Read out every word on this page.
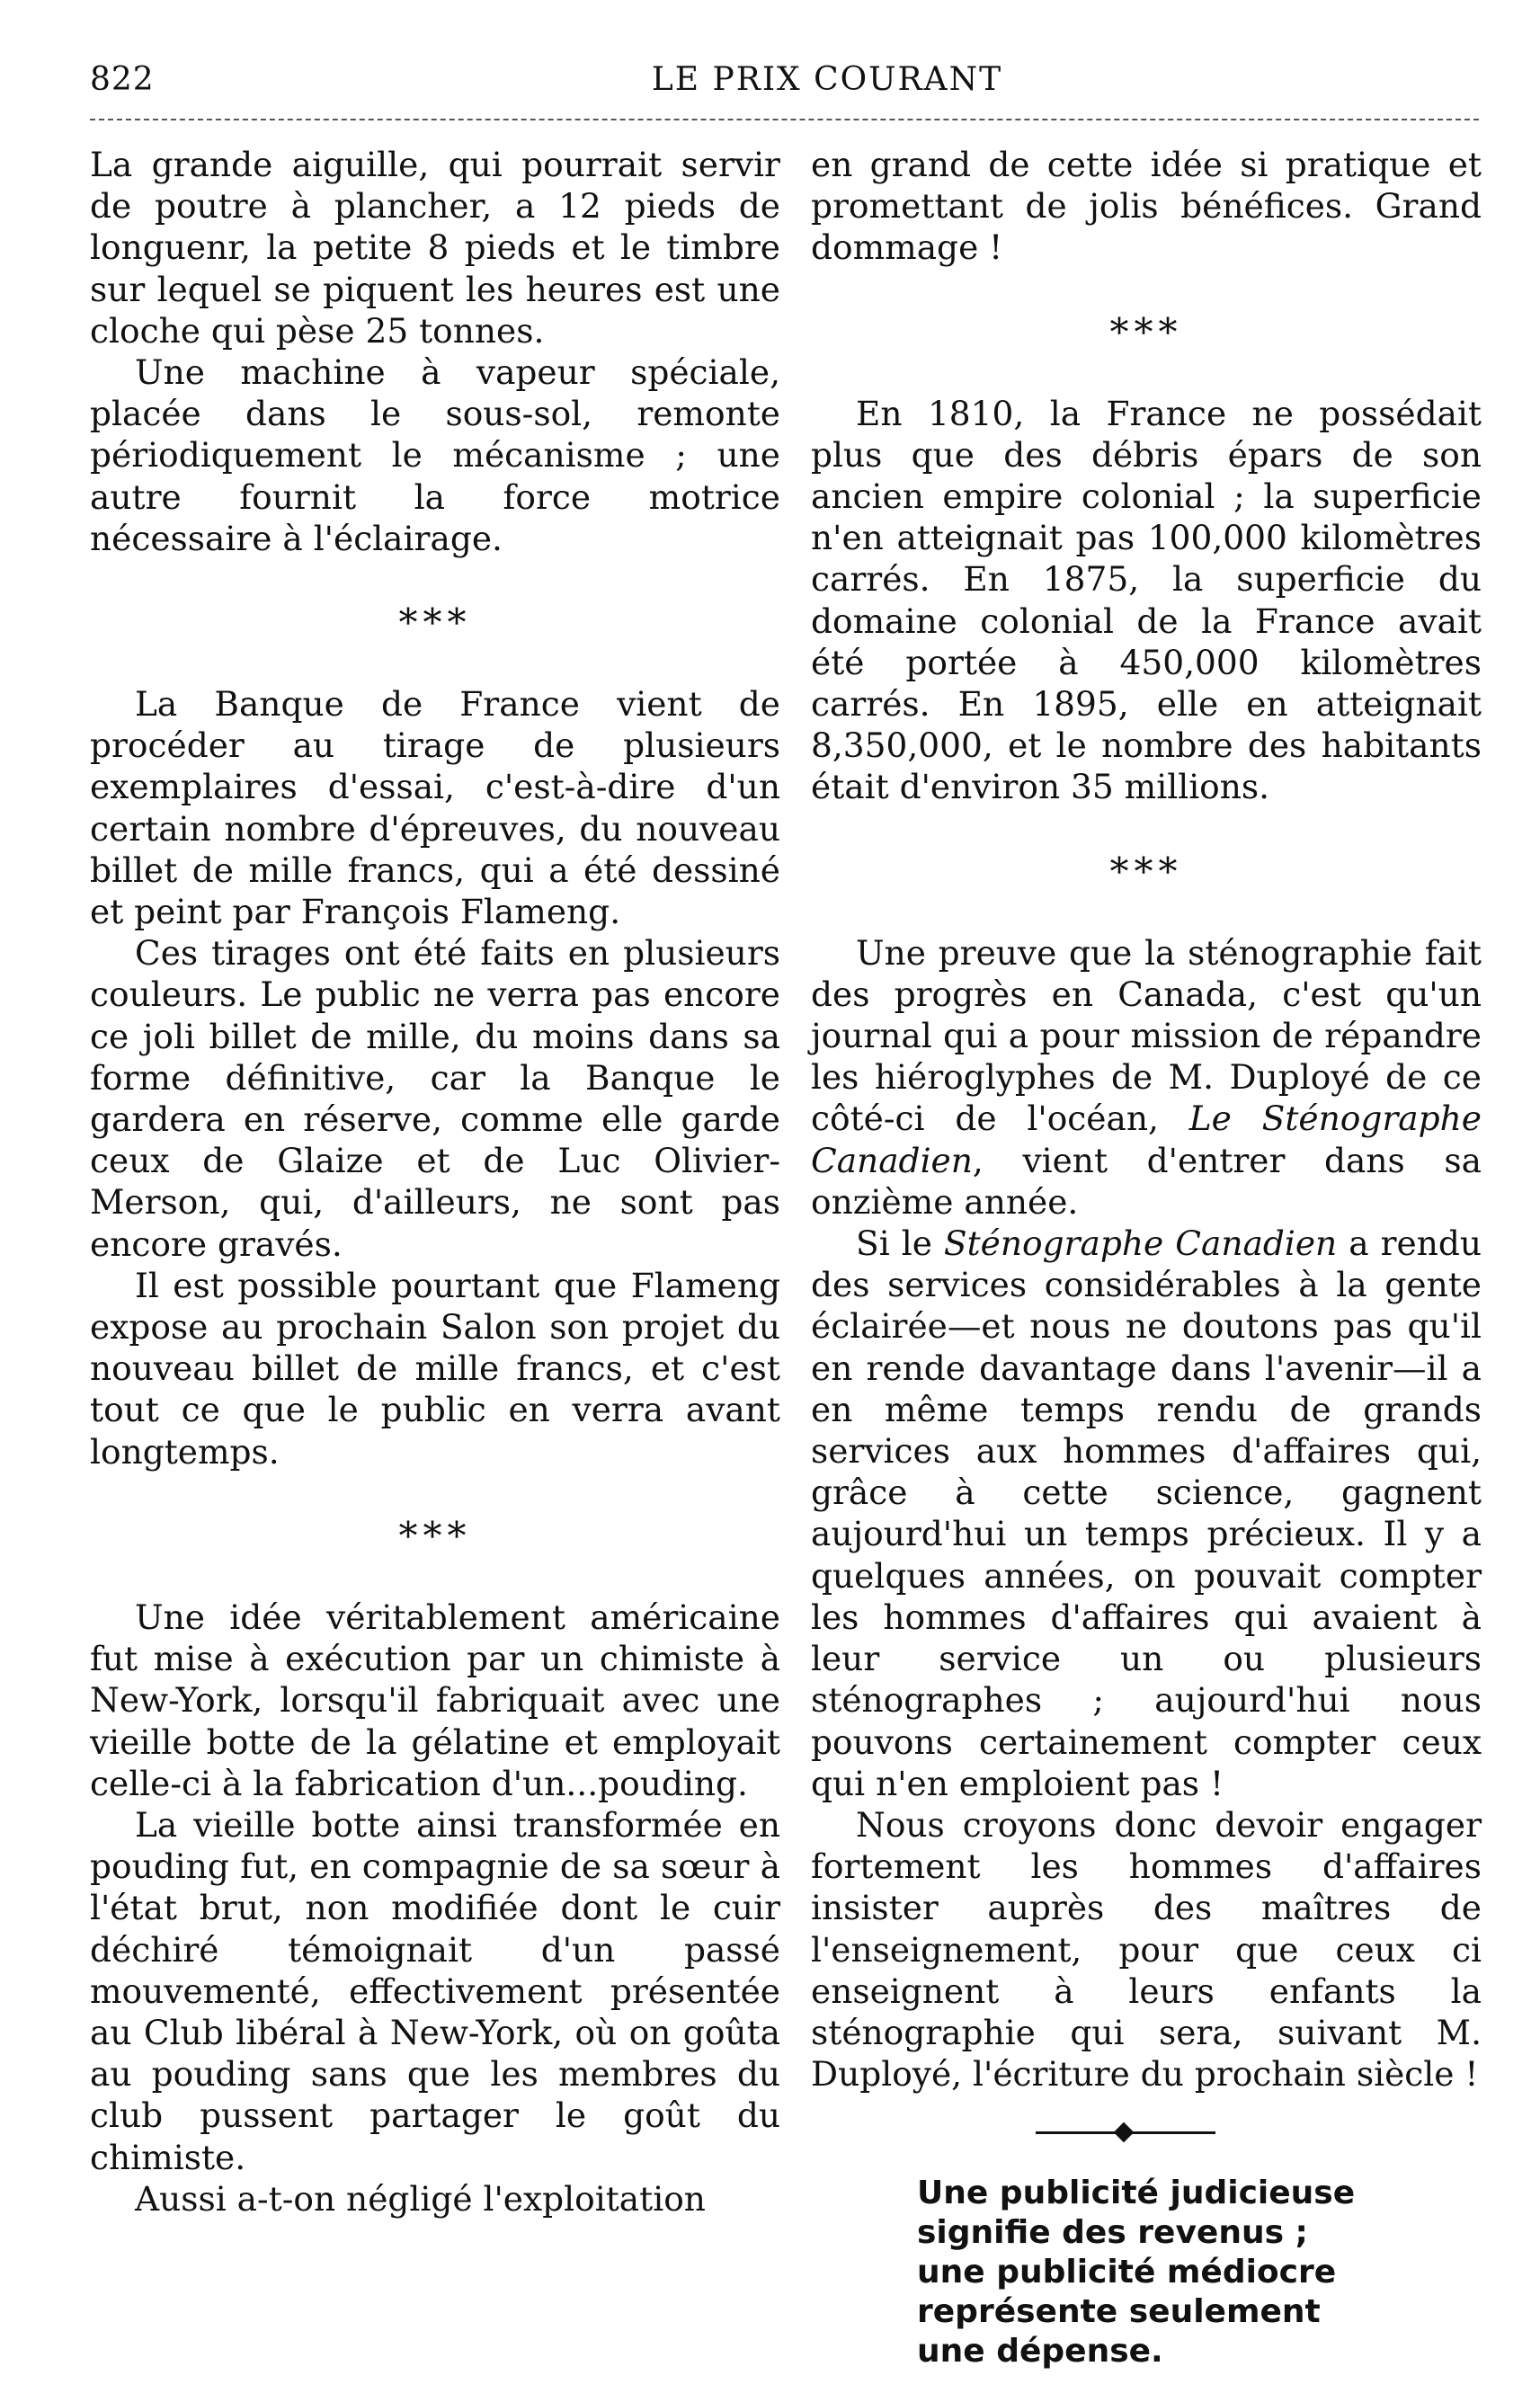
822	LE PRIX COURANT

La grande aiguille, qui pourrait servir de poutre à plancher, a 12 pieds de longuenr, la petite 8 pieds et le timbre sur lequel se piquent les heures est une cloche qui pèse 25 tonnes.

Une machine à vapeur spéciale, placée dans le sous-sol, remonte périodiquement le mécanisme ; une autre fournit la force motrice nécessaire à l'éclairage.

***

La Banque de France vient de procéder au tirage de plusieurs exemplaires d'essai, c'est-à-dire d'un certain nombre d'épreuves, du nouveau billet de mille francs, qui a été dessiné et peint par François Flameng.

Ces tirages ont été faits en plusieurs couleurs. Le public ne verra pas encore ce joli billet de mille, du moins dans sa forme définitive, car la Banque le gardera en réserve, comme elle garde ceux de Glaize et de Luc Olivier-Merson, qui, d'ailleurs, ne sont pas encore gravés.

Il est possible pourtant que Flameng expose au prochain Salon son projet du nouveau billet de mille francs, et c'est tout ce que le public en verra avant longtemps.

***

Une idée véritablement américaine fut mise à exécution par un chimiste à New-York, lorsqu'il fabriquait avec une vieille botte de la gélatine et employait celle-ci à la fabrication d'un...pouding.

La vieille botte ainsi transformée en pouding fut, en compagnie de sa sœur à l'état brut, non modifiée dont le cuir déchiré témoignait d'un passé mouvementé, effectivement présentée au Club libéral à New-York, où on goûta au pouding sans que les membres du club pussent partager le goût du chimiste.

Aussi a-t-on négligé l'exploitation

en grand de cette idée si pratique et promettant de jolis bénéfices. Grand dommage !

***

En 1810, la France ne possédait plus que des débris épars de son ancien empire colonial ; la superficie n'en atteignait pas 100,000 kilomètres carrés. En 1875, la superficie du domaine colonial de la France avait été portée à 450,000 kilomètres carrés. En 1895, elle en atteignait 8,350,000, et le nombre des habitants était d'environ 35 millions.

***

Une preuve que la sténographie fait des progrès en Canada, c'est qu'un journal qui a pour mission de répandre les hiéroglyphes de M. Duployé de ce côté-ci de l'océan, Le Sténographe Canadien, vient d'entrer dans sa onzième année.

Si le Sténographe Canadien a rendu des services considérables à la gente éclairée—et nous ne doutons pas qu'il en rende davantage dans l'avenir—il a en même temps rendu de grands services aux hommes d'affaires qui, grâce à cette science, gagnent aujourd'hui un temps précieux. Il y a quelques années, on pouvait compter les hommes d'affaires qui avaient à leur service un ou plusieurs sténographes ; aujourd'hui nous pouvons certainement compter ceux qui n'en emploient pas !

Nous croyons donc devoir engager fortement les hommes d'affaires insister auprès des maîtres de l'enseignement, pour que ceux ci enseignent à leurs enfants la sténographie qui sera, suivant M. Duployé, l'écriture du prochain siècle !

Une publicité judicieuse signifie des revenus ; une publicité médiocre représente seulement une dépense.
